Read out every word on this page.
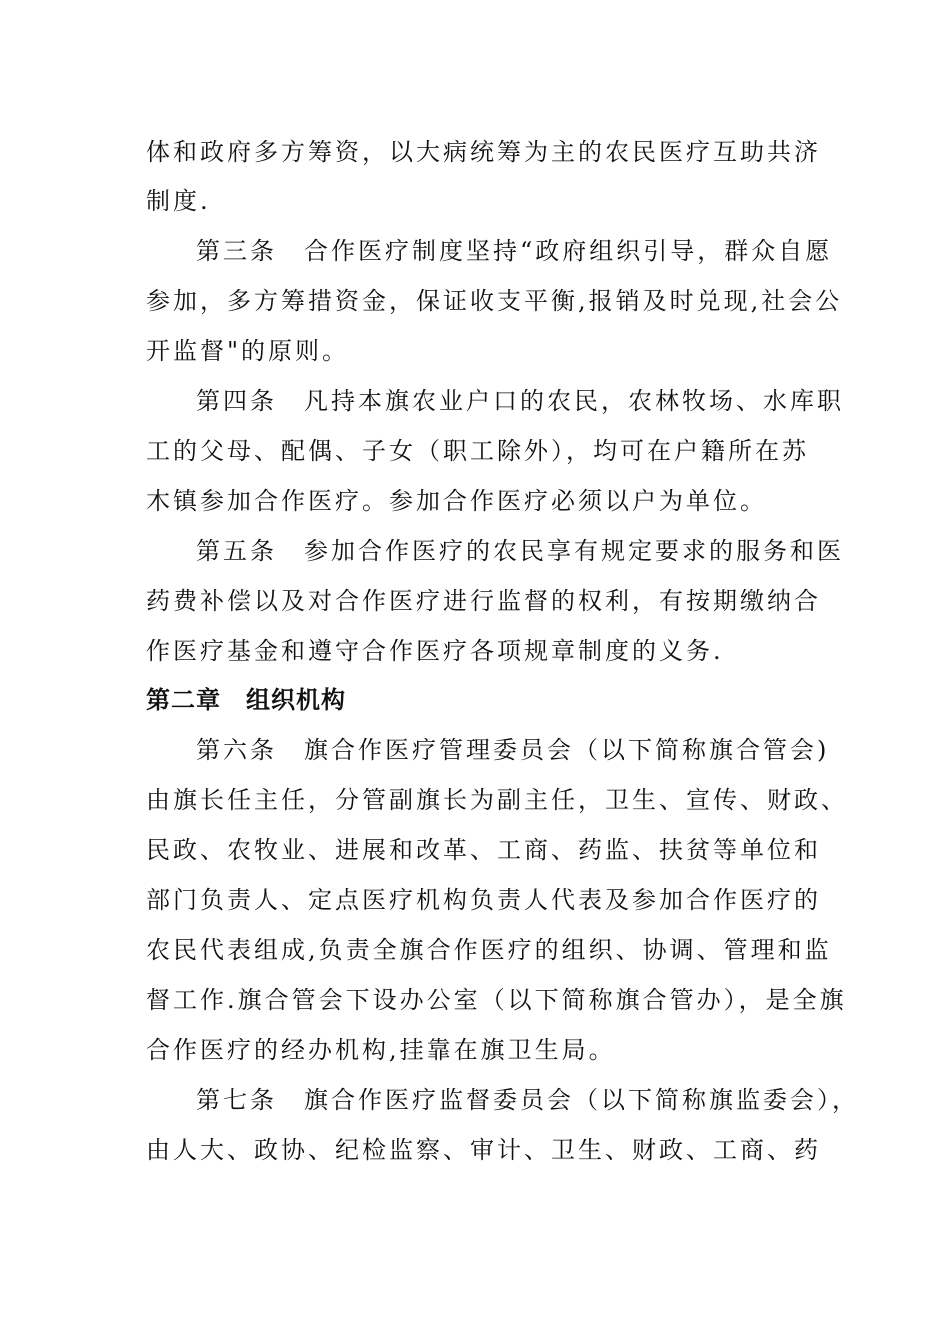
体和政府多方筹资，以大病统筹为主的农民医疗互助共济
制度.
第三条　合作医疗制度坚持“政府组织引导，群众自愿
参加，多方筹措资金，保证收支平衡,报销及时兑现,社会公
开监督"的原则。
第四条　凡持本旗农业户口的农民，农林牧场、水库职
工的父母、配偶、子女（职工除外），均可在户籍所在苏
木镇参加合作医疗。参加合作医疗必须以户为单位。
第五条　参加合作医疗的农民享有规定要求的服务和医
药费补偿以及对合作医疗进行监督的权利，有按期缴纳合
作医疗基金和遵守合作医疗各项规章制度的义务.
第二章　组织机构
第六条　旗合作医疗管理委员会（以下简称旗合管会)
由旗长任主任，分管副旗长为副主任，卫生、宣传、财政、
民政、农牧业、进展和改革、工商、药监、扶贫等单位和
部门负责人、定点医疗机构负责人代表及参加合作医疗的
农民代表组成,负责全旗合作医疗的组织、协调、管理和监
督工作.旗合管会下设办公室（以下简称旗合管办），是全旗
合作医疗的经办机构,挂靠在旗卫生局。
第七条　旗合作医疗监督委员会（以下简称旗监委会），
由人大、政协、纪检监察、审计、卫生、财政、工商、药
